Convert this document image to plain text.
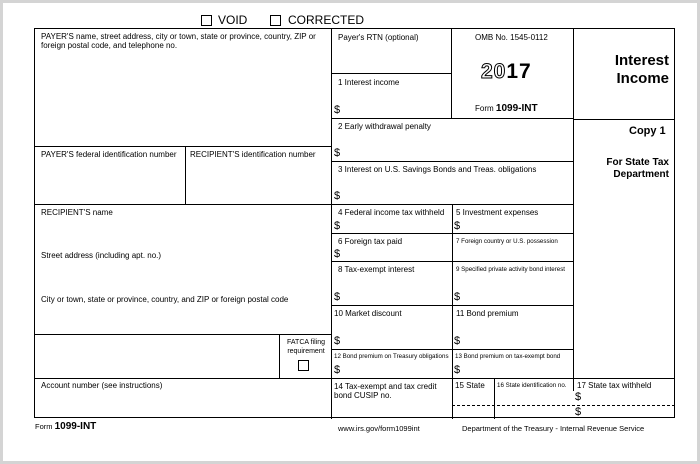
VOID	CORRECTED
PAYER'S name, street address, city or town, state or province, country, ZIP or foreign postal code, and telephone no.
Payer's RTN (optional)	OMB No. 1545-0112
2017
Form 1099-INT
Interest
Income
Copy 1
For State Tax
Department
PAYER'S federal identification number RECIPIENT'S identification number
RECIPIENT'S name
Street address (including apt. no.)
City or town, state or province, country, and ZIP or foreign postal code
FATCA filing requirement
Account number (see instructions)
1 Interest income
$
2 Early withdrawal penalty
$
3 Interest on U.S. Savings Bonds and Treas. obligations
$
4 Federal income tax withheld
$
5 Investment expenses
$
6 Foreign tax paid
$
7 Foreign country or U.S. possession
8 Tax-exempt interest
$
9 Specified private activity bond interest
$
10 Market discount
$
11 Bond premium
$
12 Bond premium on Treasury obligations
$
13 Bond premium on tax-exempt bond
$
14 Tax-exempt and tax credit bond CUSIP no.
15 State 16 State identification no. 17 State tax withheld
$
$
Form 1099-INT	www.irs.gov/form1099int	Department of the Treasury - Internal Revenue Service
